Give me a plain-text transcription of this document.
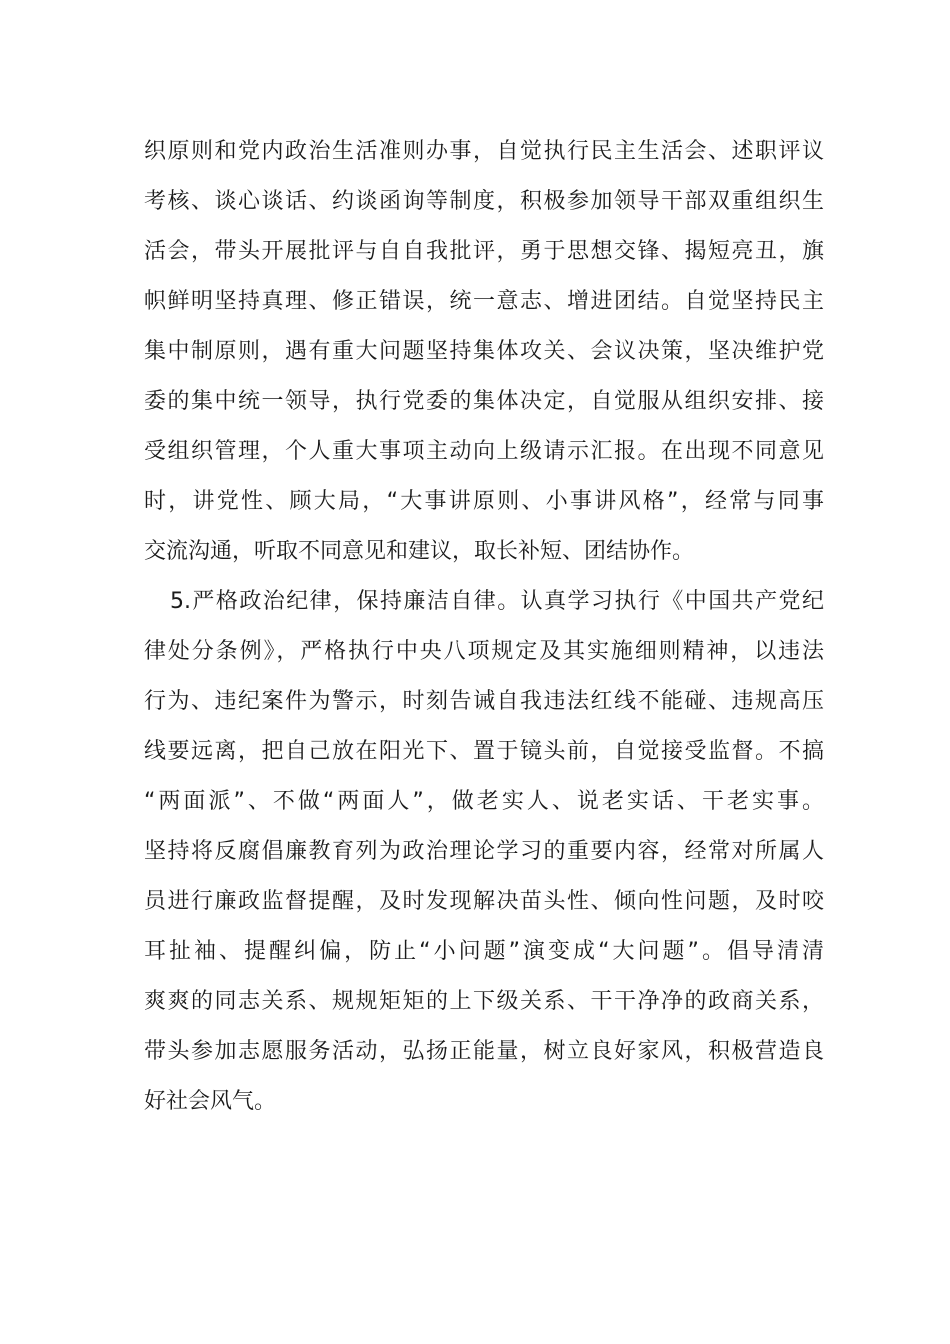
织原则和党内政治生活准则办事，自觉执行民主生活会、述职评议
考核、谈心谈话、约谈函询等制度，积极参加领导干部双重组织生
活会，带头开展批评与自自我批评，勇于思想交锋、揭短亮丑，旗
帜鲜明坚持真理、修正错误，统一意志、增进团结。自觉坚持民主
集中制原则，遇有重大问题坚持集体攻关、会议决策，坚决维护党
委的集中统一领导，执行党委的集体决定，自觉服从组织安排、接
受组织管理，个人重大事项主动向上级请示汇报。在出现不同意见
时，讲党性、顾大局，“大事讲原则、小事讲风格”，经常与同事
交流沟通，听取不同意见和建议，取长补短、团结协作。
5.严格政治纪律，保持廉洁自律。认真学习执行《中国共产党纪
律处分条例》，严格执行中央八项规定及其实施细则精神，以违法
行为、违纪案件为警示，时刻告诫自我违法红线不能碰、违规高压
线要远离，把自己放在阳光下、置于镜头前，自觉接受监督。不搞
“两面派”、不做“两面人”，做老实人、说老实话、干老实事。
坚持将反腐倡廉教育列为政治理论学习的重要内容，经常对所属人
员进行廉政监督提醒，及时发现解决苗头性、倾向性问题，及时咬
耳扯袖、提醒纠偏，防止“小问题”演变成“大问题”。倡导清清
爽爽的同志关系、规规矩矩的上下级关系、干干净净的政商关系，
带头参加志愿服务活动，弘扬正能量，树立良好家风，积极营造良
好社会风气。
